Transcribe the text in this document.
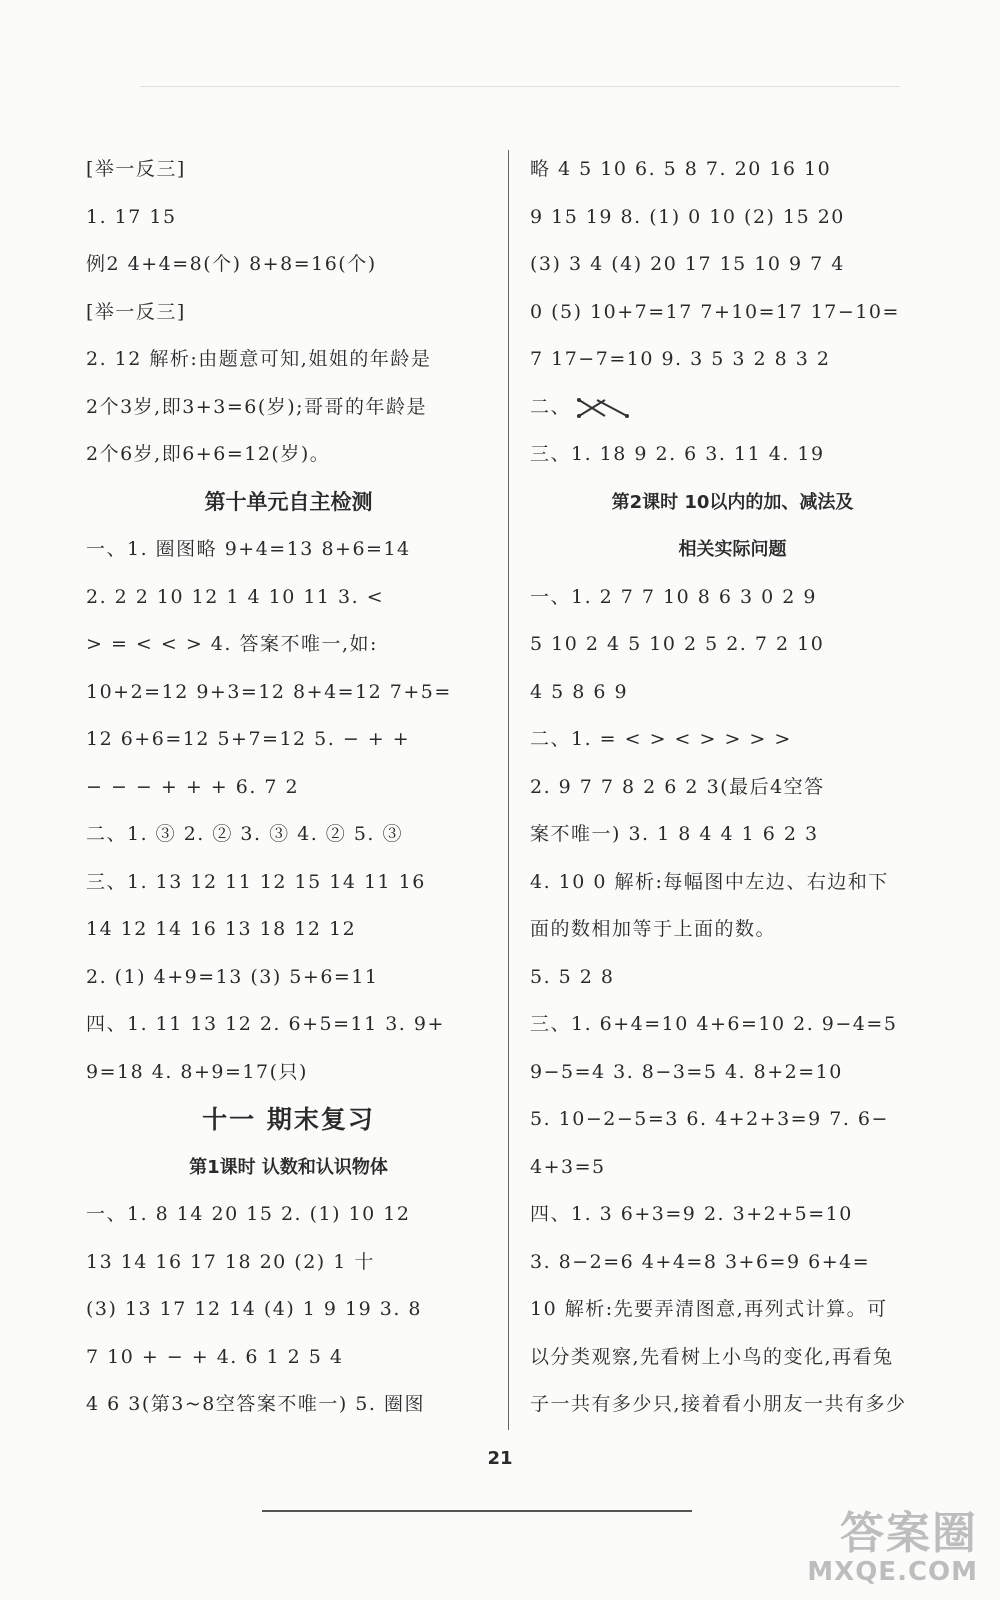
[举一反三]
1. 17 15
例2 4+4=8(个) 8+8=16(个)
[举一反三]
2. 12 解析:由题意可知,姐姐的年龄是
2个3岁,即3+3=6(岁);哥哥的年龄是
2个6岁,即6+6=12(岁)。
第十单元自主检测
一、1. 圈图略 9+4=13 8+6=14
2. 2 2 10 12 1 4 10 11 3. <
> = < < > 4. 答案不唯一,如:
10+2=12 9+3=12 8+4=12 7+5=
12 6+6=12 5+7=12 5. − + +
− − − + + + 6. 7 2
二、1. ③ 2. ② 3. ③ 4. ② 5. ③
三、1. 13 12 11 12 15 14 11 16
14 12 14 16 13 18 12 12
2. (1) 4+9=13 (3) 5+6=11
四、1. 11 13 12 2. 6+5=11 3. 9+
9=18 4. 8+9=17(只)
十一 期末复习
第1课时 认数和认识物体
一、1. 8 14 20 15 2. (1) 10 12
13 14 16 17 18 20 (2) 1 十
(3) 13 17 12 14 (4) 1 9 19 3. 8
7 10 + − + 4. 6 1 2 5 4
4 6 3(第3~8空答案不唯一) 5. 圈图
略 4 5 10 6. 5 8 7. 20 16 10
9 15 19 8. (1) 0 10 (2) 15 20
(3) 3 4 (4) 20 17 15 10 9 7 4
0 (5) 10+7=17 7+10=17 17−10=
7 17−7=10 9. 3 5 3 2 8 3 2
二、
三、1. 18 9 2. 6 3. 11 4. 19
第2课时 10以内的加、减法及
相关实际问题
一、1. 2 7 7 10 8 6 3 0 2 9
5 10 2 4 5 10 2 5 2. 7 2 10
4 5 8 6 9
二、1. = < > < > > > >
2. 9 7 7 8 2 6 2 3(最后4空答
案不唯一) 3. 1 8 4 4 1 6 2 3
4. 10 0 解析:每幅图中左边、右边和下
面的数相加等于上面的数。
5. 5 2 8
三、1. 6+4=10 4+6=10 2. 9−4=5
9−5=4 3. 8−3=5 4. 8+2=10
5. 10−2−5=3 6. 4+2+3=9 7. 6−
4+3=5
四、1. 3 6+3=9 2. 3+2+5=10
3. 8−2=6 4+4=8 3+6=9 6+4=
10 解析:先要弄清图意,再列式计算。可
以分类观察,先看树上小鸟的变化,再看兔
子一共有多少只,接着看小朋友一共有多少
21
答案圈
MXQE.COM
